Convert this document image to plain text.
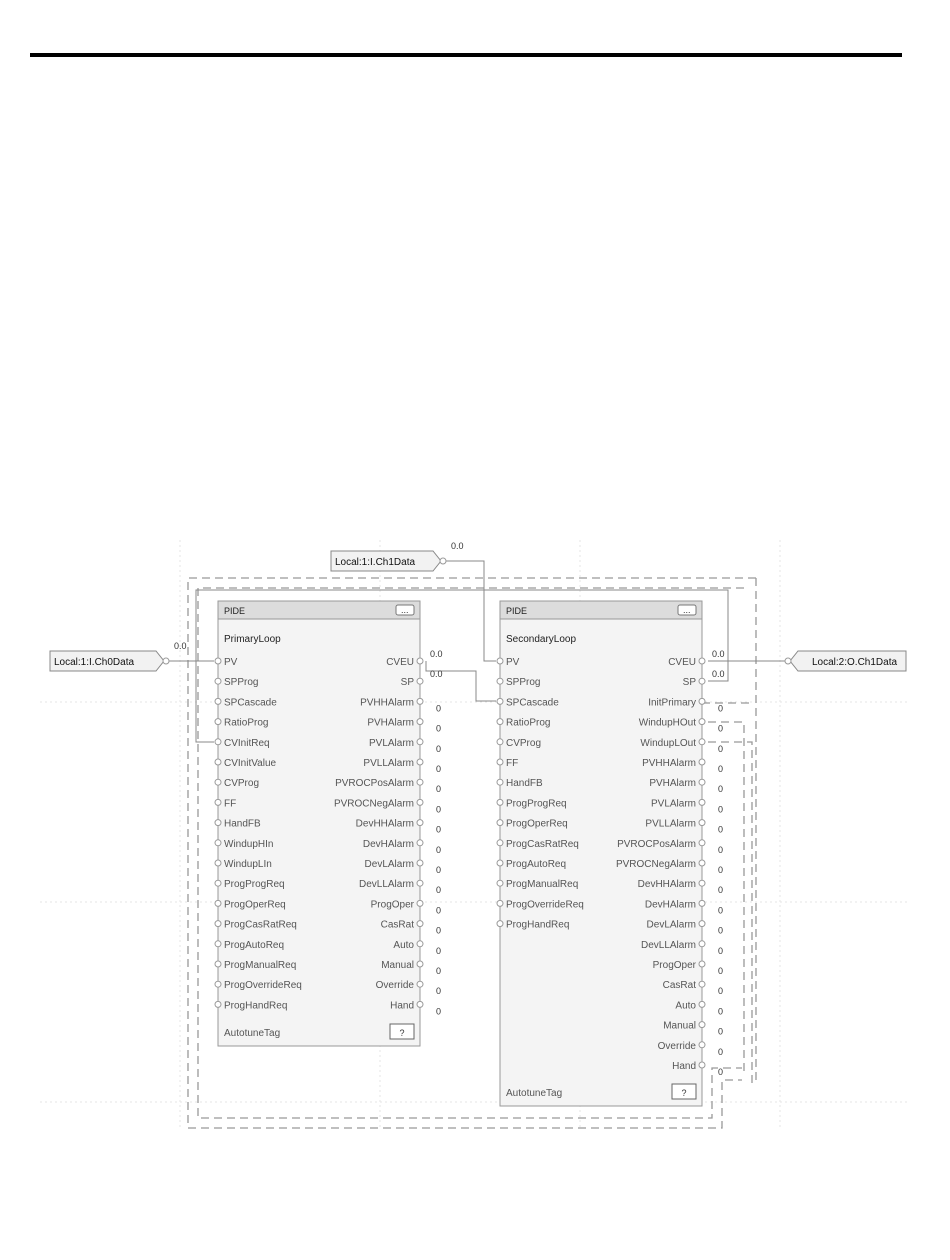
PIDE	...
PrimaryLoop
PV
SPProg
SPCascade
RatioProg
CVInitReq
CVInitValue
CVProg
FF
HandFB
WindupHIn
WindupLIn
ProgProgReq
ProgOperReq
ProgCasRatReq
ProgAutoReq
ProgManualReq
ProgOverrideReq
ProgHandReq
CVEU
0.0
SP
0.0
PVHHAlarm 0
PVHAlarm 0
PVLAlarm 0
PVLLAlarm 0
PVROCPosAlarm 0
PVROCNegAlarm 0
DevHHAlarm 0
DevHAlarm 0
DevLAlarm 0
DevLLAlarm 0
ProgOper 0
CasRat 0
Auto 0
Manual 0
Override 0
Hand 0
AutotuneTag	?
PIDE	...
SecondaryLoop
PV
SPProg
SPCascade
RatioProg
CVProg
FF
HandFB
ProgProgReq
ProgOperReq
ProgCasRatReq
ProgAutoReq
ProgManualReq
ProgOverrideReq
ProgHandReq
CVEU
0.0
SP
0.0
InitPrimary 0
WindupHOut 0
WindupLOut 0
PVHHAlarm 0
PVHAlarm 0
PVLAlarm 0
PVLLAlarm 0
PVROCPosAlarm 0
PVROCNegAlarm 0
DevHHAlarm 0
DevHAlarm 0
DevLAlarm 0
DevLLAlarm 0
ProgOper 0
CasRat 0
Auto 0
Manual 0
Override 0
Hand 0
AutotuneTag	?
Local:1:I.Ch0Data
0.0
Local:1:I.Ch1Data
0.0
Local:2:O.Ch1Data
